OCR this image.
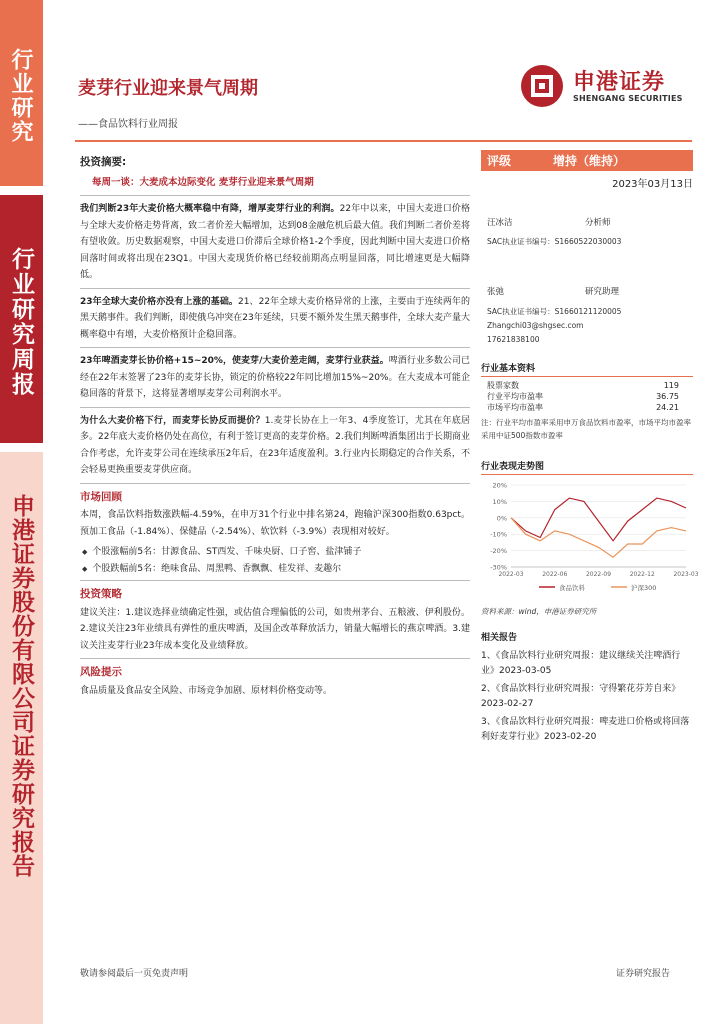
行业研究
行业研究周报
申港证券股份有限公司证券研究报告
麦芽行业迎来景气周期
——食品饮料行业周报
申港证券
SHENGANG SECURITIES
投资摘要:
每周一谈：大麦成本边际变化 麦芽行业迎来景气周期
我们判断23年大麦价格大概率稳中有降，增厚麦芽行业的利润。22年中以来，中国大麦进口价格与全球大麦价格走势背离，致二者价差大幅增加，达到08金融危机后最大值。我们判断二者价差将有望收敛。历史数据观察，中国大麦进口价滞后全球价格1-2个季度，因此判断中国大麦进口价格回落时间或将出现在23Q1。中国大麦现货价格已经较前期高点明显回落，同比增速更是大幅降低。
23年全球大麦价格亦没有上涨的基础。21、22年全球大麦价格异常的上涨，主要由于连续两年的黑天鹅事件。我们判断，即使俄乌冲突在23年延续，只要不额外发生黑天鹅事件，全球大麦产量大概率稳中有增，大麦价格预计企稳回落。
23年啤酒麦芽长协价格+15~20%，使麦芽/大麦价差走阔，麦芽行业获益。啤酒行业多数公司已经在22年末签署了23年的麦芽长协，锁定的价格较22年同比增加15%~20%。在大麦成本可能企稳回落的背景下，这将显著增厚麦芽公司利润水平。
为什么大麦价格下行，而麦芽长协反而提价？1.麦芽长协在上一年3、4季度签订，尤其在年底居多。22年底大麦价格仍处在高位，有利于签订更高的麦芽价格。2.我们判断啤酒集团出于长期商业合作考虑，允许麦芽公司在连续承压2年后，在23年适度盈利。3.行业内长期稳定的合作关系，不会轻易更换重要麦芽供应商。
市场回顾
本周，食品饮料指数涨跌幅-4.59%，在申万31个行业中排名第24，跑输沪深300指数0.63pct。预加工食品（-1.84%）、保健品（-2.54%）、软饮料（-3.9%）表现相对较好。
◆ 个股涨幅前5名：甘源食品、ST西发、千味央厨、口子窖、盐津铺子
◆ 个股跌幅前5名：绝味食品、周黑鸭、香飘飘、桂发祥、麦趣尔
投资策略
建议关注：1.建议选择业绩确定性强，或估值合理偏低的公司，如贵州茅台、五粮液、伊利股份。2.建议关注23年业绩具有弹性的重庆啤酒，及国企改革释放活力，销量大幅增长的燕京啤酒。3.建议关注麦芽行业23年成本变化及业绩释放。
风险提示
食品质量及食品安全风险、市场竞争加剧、原材料价格变动等。
评级	增持（维持）
2023年03月13日
汪冰洁	分析师
SAC执业证书编号：S1660522030003
张弛	研究助理
SAC执业证书编号：S1660121120005
Zhangchi03@shgsec.com
17621838100
行业基本资料
股票家数	119
行业平均市盈率	36.75
市场平均市盈率	24.21
注：行业平均市盈率采用申万食品饮料市盈率，市场平均市盈率采用中证500指数市盈率
行业表现走势图
20%
10%
0%
-10%
-20%
-30%
2022-03	2022-06	2022-09	2022-12	2023-03
食品饮料	沪深300
资料来源：wind，申港证券研究所
相关报告
1、《食品饮料行业研究周报：建议继续关注啤酒行业》2023-03-05
2、《食品饮料行业研究周报：守得繁花芬芳自来》2023-02-27
3、《食品饮料行业研究周报：啤麦进口价格或将回落 利好麦芽行业》2023-02-20
敬请参阅最后一页免责声明	证券研究报告
